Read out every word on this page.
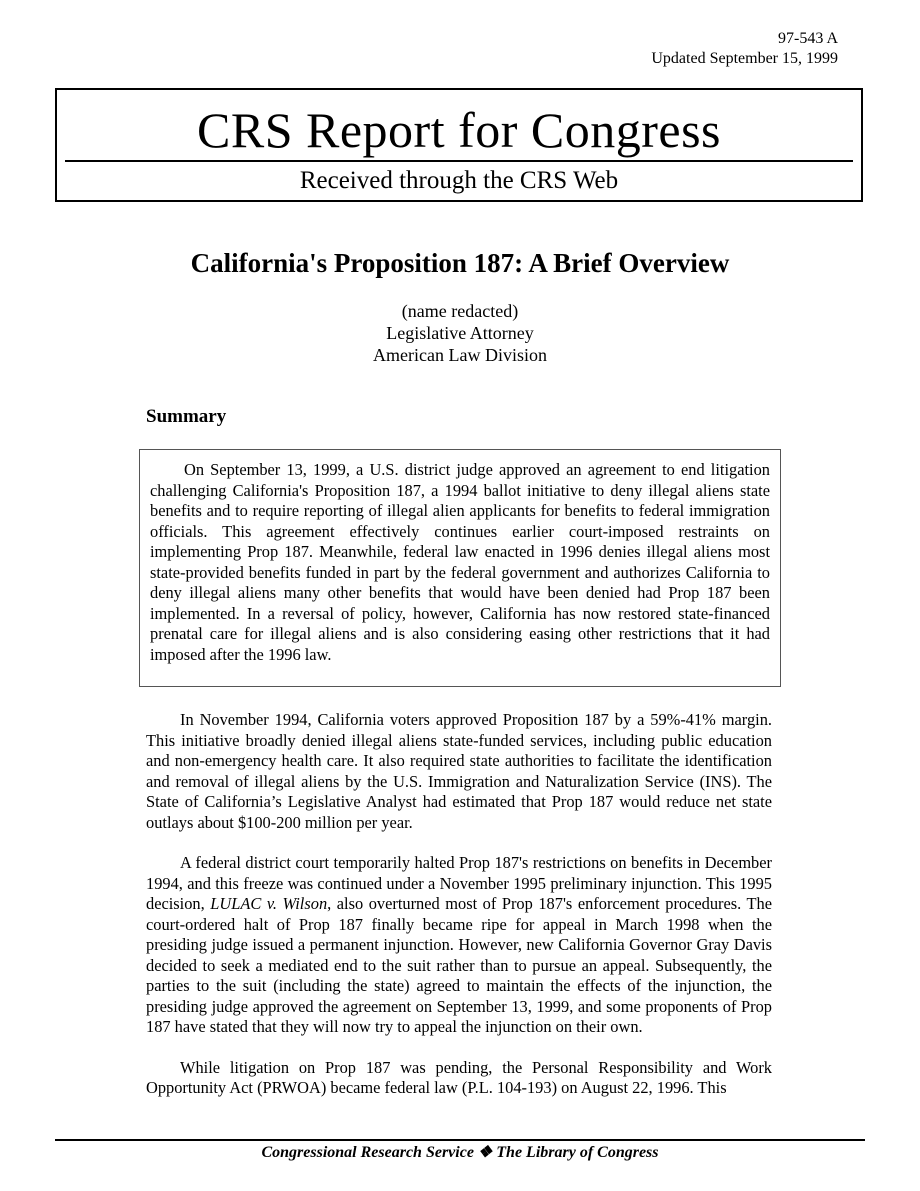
97-543 A
Updated September 15, 1999
CRS Report for Congress
Received through the CRS Web
California's Proposition 187: A Brief Overview
(name redacted)
Legislative Attorney
American Law Division
Summary

On September 13, 1999, a U.S. district judge approved an agreement to end litigation challenging California's Proposition 187, a 1994 ballot initiative to deny illegal aliens state benefits and to require reporting of illegal alien applicants for benefits to federal immigration officials. This agreement effectively continues earlier court-imposed restraints on implementing Prop 187. Meanwhile, federal law enacted in 1996 denies illegal aliens most state-provided benefits funded in part by the federal government and authorizes California to deny illegal aliens many other benefits that would have been denied had Prop 187 been implemented. In a reversal of policy, however, California has now restored state-financed prenatal care for illegal aliens and is also considering easing other restrictions that it had imposed after the 1996 law.

In November 1994, California voters approved Proposition 187 by a 59%-41% margin. This initiative broadly denied illegal aliens state-funded services, including public education and non-emergency health care. It also required state authorities to facilitate the identification and removal of illegal aliens by the U.S. Immigration and Naturalization Service (INS). The State of California’s Legislative Analyst had estimated that Prop 187 would reduce net state outlays about $100-200 million per year.

A federal district court temporarily halted Prop 187's restrictions on benefits in December 1994, and this freeze was continued under a November 1995 preliminary injunction. This 1995 decision, LULAC v. Wilson, also overturned most of Prop 187's enforcement procedures. The court-ordered halt of Prop 187 finally became ripe for appeal in March 1998 when the presiding judge issued a permanent injunction. However, new California Governor Gray Davis decided to seek a mediated end to the suit rather than to pursue an appeal. Subsequently, the parties to the suit (including the state) agreed to maintain the effects of the injunction, the presiding judge approved the agreement on September 13, 1999, and some proponents of Prop 187 have stated that they will now try to appeal the injunction on their own.

While litigation on Prop 187 was pending, the Personal Responsibility and Work Opportunity Act (PRWOA) became federal law (P.L. 104-193) on August 22, 1996. This

Congressional Research Service ❖ The Library of Congress
